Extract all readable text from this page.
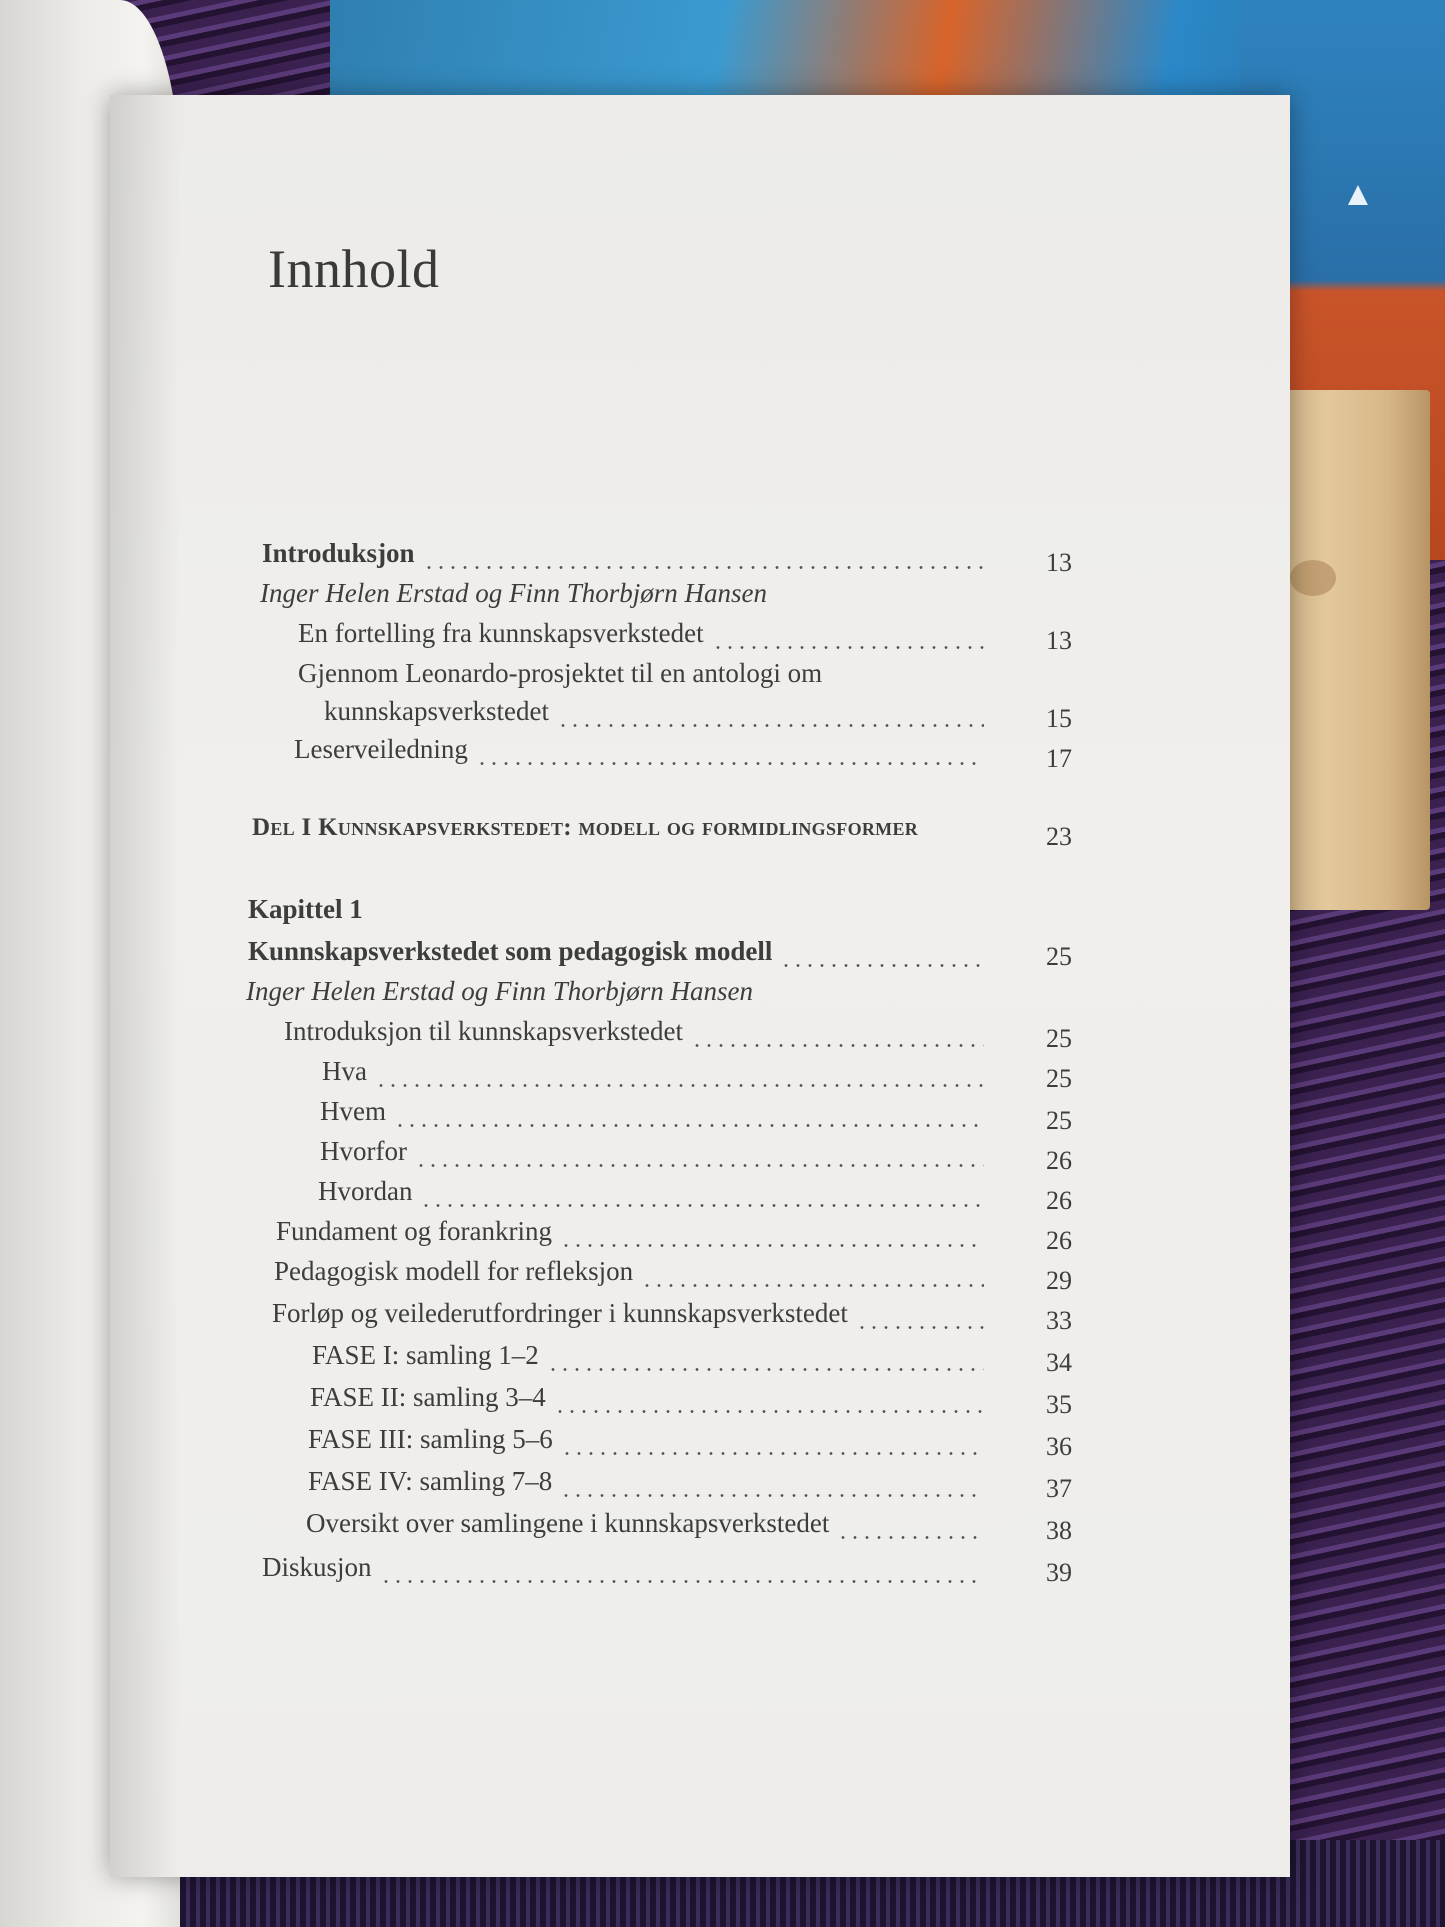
▲
Innhold
Introduksjon	13
Inger Helen Erstad og Finn Thorbjørn Hansen
En fortelling fra kunnskapsverkstedet	13
Gjennom Leonardo-prosjektet til en antologi om
kunnskapsverkstedet	15
Leserveiledning	17
Del I Kunnskapsverkstedet: modell og formidlingsformer	23
Kapittel 1
Kunnskapsverkstedet som pedagogisk modell	25
Inger Helen Erstad og Finn Thorbjørn Hansen
Introduksjon til kunnskapsverkstedet	25
Hva	25
Hvem	25
Hvorfor	26
Hvordan	26
Fundament og forankring	26
Pedagogisk modell for refleksjon	29
Forløp og veilederutfordringer i kunnskapsverkstedet	33
FASE I: samling 1–2	34
FASE II: samling 3–4	35
FASE III: samling 5–6	36
FASE IV: samling 7–8	37
Oversikt over samlingene i kunnskapsverkstedet	38
Diskusjon	39
